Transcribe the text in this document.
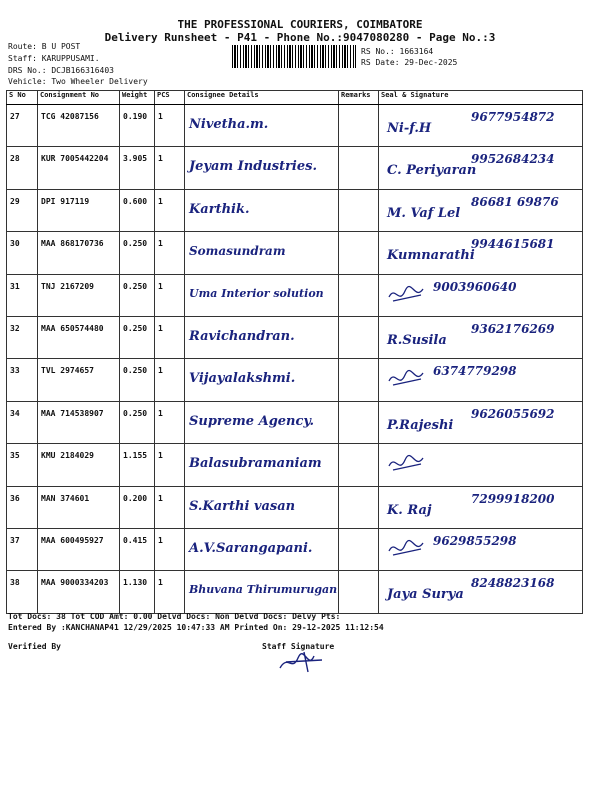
THE PROFESSIONAL COURIERS, COIMBATORE
Delivery Runsheet - P41 - Phone No.:9047080280 - Page No.:3
Route: B U POST
Staff: KARUPPUSAMI.
DRS No.: DCJB166316403
Vehicle: Two Wheeler Delivery
RS No.: 1663164
RS Date: 29-Dec-2025
S No	Consignment No	Weight	PCS	Consignee Details	Remarks	Seal & Signature

27	TCG 42087156	0.190	1	Nivetha.m.		Ni-f.H
9677954872

28	KUR 7005442204	3.905	1	Jeyam Industries.		C. Periyaran
9952684234

29	DPI 917119	0.600	1	Karthik.		M. Vaf Lel
86681 69876

30	MAA 868170736	0.250	1	Somasundram		Kumnarathi
9944615681

31	TNJ 2167209	0.250	1	Uma Interior solution		9003960640

32	MAA 650574480	0.250	1	Ravichandran.		R.Susila
9362176269

33	TVL 2974657	0.250	1	Vijayalakshmi.		6374779298

34	MAA 714538907	0.250	1	Supreme Agency.		P.Rajeshi
9626055692

35	KMU 2184029	1.155	1	Balasubramaniam

36	MAN 374601	0.200	1	S.Karthi vasan		K. Raj
7299918200

37	MAA 600495927	0.415	1	A.V.Sarangapani.		9629855298

38	MAA 9000334203	1.130	1	Bhuvana Thirumurugan		Jaya Surya
8248823168
Tot Docs: 38 Tot COD Amt: 0.00 Delvd Docs: Non Delvd Docs: Delvy Pts:
Entered By :KANCHANAP41 12/29/2025 10:47:33 AM Printed On: 29-12-2025 11:12:54
Verified By	Staff Signature
